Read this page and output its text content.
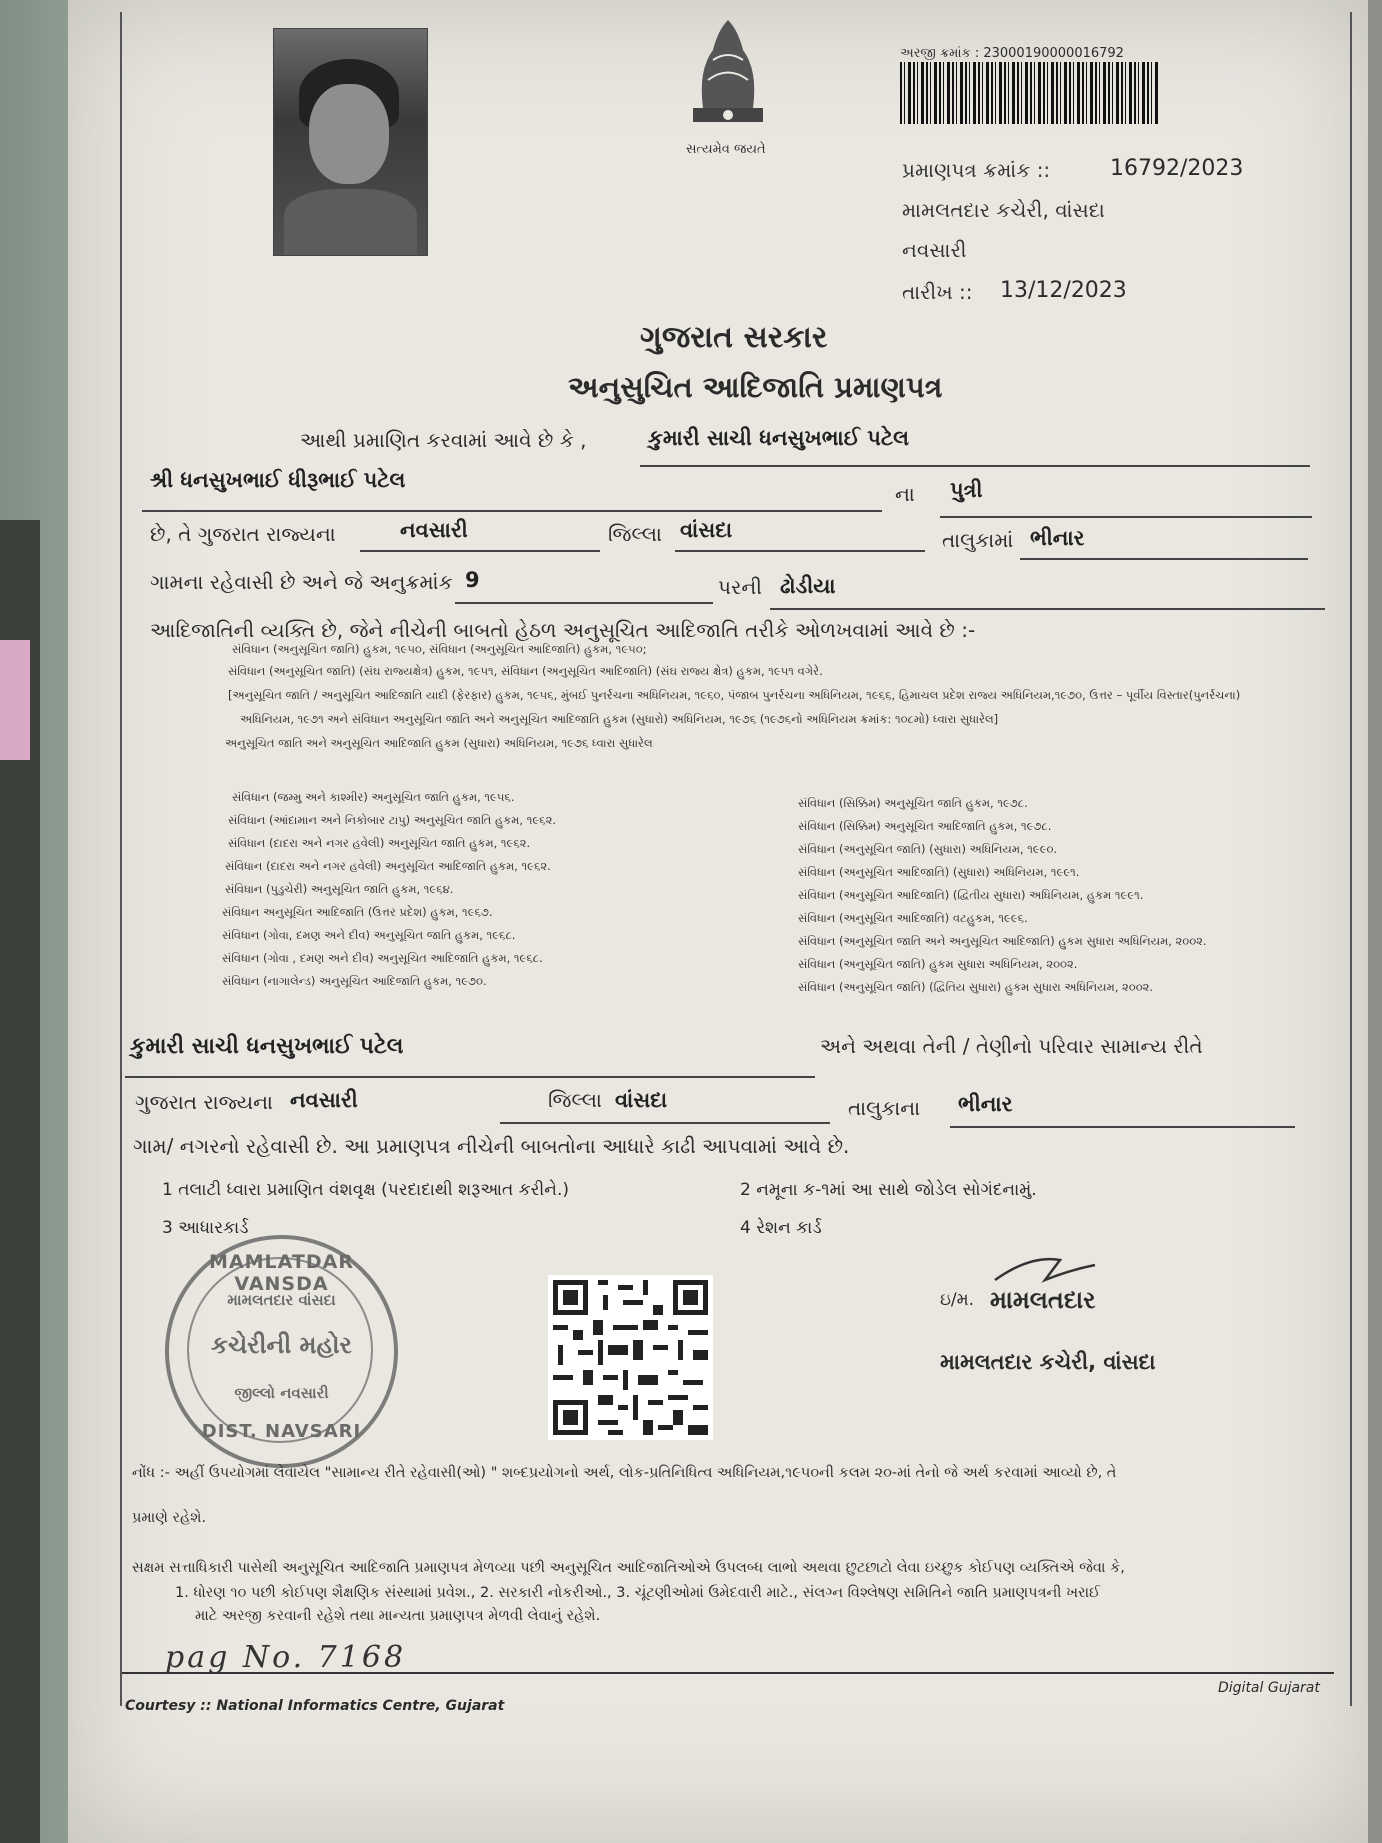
સત્યમેવ જયતે
અરજી ક્રમાંક : 23000190000016792
પ્રમાણપત્ર ક્રમાંક ::	16792/2023
મામલતદાર કચેરી, વાંસદા
નવસારી
તારીખ :: 13/12/2023
ગુજરાત સરકાર
અનુસુચિત આદિજાતિ પ્રમાણપત્ર
આથી પ્રમાણિત કરવામાં આવે છે કે ,	કુમારી સાચી ધનસુખભાઈ પટેલ
શ્રી ધનસુખભાઈ ધીરૂભાઈ પટેલ
ના પુત્રી
છે, તે ગુજરાત રાજ્યના	નવસારી	જિલ્લા વાંસદા	તાલુકામાં ભીનાર
ગામના રહેવાસી છે અને જે અનુક્રમાંક 9	પરની ઢોડીયા
આદિજાતિની વ્યક્તિ છે, જેને નીચેની બાબતો હેઠળ અનુસૂચિત આદિજાતિ તરીકે ઓળખવામાં આવે છે :-
સંવિધાન (અનુસૂચિત જાતિ) હુકમ, ૧૯૫૦, સંવિધાન (અનુસૂચિત આદિજાતિ) હુકમ, ૧૯૫૦;
સંવિધાન (અનુસૂચિત જાતિ) (સંઘ રાજ્યક્ષેત્ર) હુકમ, ૧૯૫૧, સંવિધાન (અનુસૂચિત આદિજાતિ) (સંઘ રાજ્ય ક્ષેત્ર) હુકમ, ૧૯૫૧ વગેરે.
[અનુસૂચિત જાતિ / અનુસૂચિત આદિજાતિ યાદી (ફેરફાર) હુકમ, ૧૯૫૬, મુંબઈ પુનર્રચના અધિનિયમ, ૧૯૬૦, પંજાબ પુનર્રચના અધિનિયમ, ૧૯૬૬, હિમાચલ પ્રદેશ રાજ્ય અધિનિયમ,૧૯૭૦, ઉત્તર – પૂર્વીય વિસ્તાર(પુનર્રચના)
અધિનિયમ, ૧૯૭૧ અને સંવિધાન અનુસૂચિત જાતિ અને અનુસૂચિત આદિજાતિ હુકમ (સુધારો) અધિનિયમ, ૧૯૭૬ (૧૯૭૬નો અધિનિયમ ક્રમાંક: ૧૦૮મો) ધ્વારા સુધારેલ]
અનુસૂચિત જાતિ અને અનુસૂચિત આદિજાતિ હુકમ (સુધારા) અધિનિયમ, ૧૯૭૬ ધ્વારા સુધારેલ
સંવિધાન (જમ્મુ અને કાશ્મીર) અનુસૂચિત જાતિ હુકમ, ૧૯૫૬.
સંવિધાન (આંદામાન અને નિકોબાર ટાપુ) અનુસૂચિત જાતિ હુકમ, ૧૯૬૨.
સંવિધાન (દાદરા અને નગર હવેલી) અનુસૂચિત જાતિ હુકમ, ૧૯૬૨.
સંવિધાન (દાદરા અને નગર હવેલી) અનુસૂચિત આદિજાતિ હુકમ, ૧૯૬૨.
સંવિધાન (પુડુચેરી) અનુસૂચિત જાતિ હુકમ, ૧૯૬૪.
સંવિધાન અનુસૂચિત આદિજાતિ (ઉત્તર પ્રદેશ) હુકમ, ૧૯૬૭.
સંવિધાન (ગોવા, દમણ અને દીવ) અનુસૂચિત જાતિ હુકમ, ૧૯૬૮.
સંવિધાન (ગોવા , દમણ અને દીવ) અનુસૂચિત આદિજાતિ હુકમ, ૧૯૬૮.
સંવિધાન (નાગાલેન્ડ) અનુસૂચિત આદિજાતિ હુકમ, ૧૯૭૦.
સંવિધાન (સિક્કિમ) અનુસૂચિત જાતિ હુકમ, ૧૯૭૮.
સંવિધાન (સિક્કિમ) અનુસૂચિત આદિજાતિ હુકમ, ૧૯૭૮.
સંવિધાન (અનુસૂચિત જાતિ) (સુધારા) અધિનિયમ, ૧૯૯૦.
સંવિધાન (અનુસૂચિત આદિજાતિ) (સુધારા) અધિનિયમ, ૧૯૯૧.
સંવિધાન (અનુસૂચિત આદિજાતિ) (દ્વિતીય સુધારા) અધિનિયમ, હુકમ ૧૯૯૧.
સંવિધાન (અનુસૂચિત આદિજાતિ) વટહુકમ, ૧૯૯૬.
સંવિધાન (અનુસૂચિત જાતિ અને અનુસૂચિત આદિજાતિ) હુકમ સુધારા અધિનિયમ, ૨૦૦૨.
સંવિધાન (અનુસૂચિત જાતિ) હુકમ સુધારા અધિનિયમ, ૨૦૦૨.
સંવિધાન (અનુસૂચિત જાતિ) (દ્વિતિય સુધારા) હુકમ સુધારા અધિનિયમ, ૨૦૦૨.
કુમારી સાચી ધનસુખભાઈ પટેલ	અને અથવા તેની / તેણીનો પરિવાર સામાન્ય રીતે
ગુજરાત રાજ્યના નવસારી	જિલ્લા વાંસદા	તાલુકાના ભીનાર
ગામ/ નગરનો રહેવાસી છે. આ પ્રમાણપત્ર નીચેની બાબતોના આધારે કાઢી આપવામાં આવે છે.
1 તલાટી ધ્વારા પ્રમાણિત વંશવૃક્ષ (પરદાદાથી શરૂઆત કરીને.)	2 નમૂના ક-૧માં આ સાથે જોડેલ સોગંદનામું.
3 આધારકાર્ડ	4 રેશન કાર્ડ
MAMLATDAR VANSDA
મામલતદાર વાંસદા
કચેરીની મહોર
જીલ્લો નવસારી
DIST. NAVSARI
ઇ/મ. મામલતદાર
મામલતદાર કચેરી, વાંસદા
નોંધ :- અહીં ઉપયોગમાં લેવાયેલ "સામાન્ય રીતે રહેવાસી(ઓ) " શબ્દપ્રયોગનો અર્થ, લોક-પ્રતિનિધિત્વ અધિનિયમ,૧૯૫૦ની કલમ ૨૦-માં તેનો જે અર્થ કરવામાં આવ્યો છે, તે
પ્રમાણે રહેશે.
સક્ષમ સત્તાધિકારી પાસેથી અનુસૂચિત આદિજાતિ પ્રમાણપત્ર મેળવ્યા પછી અનુસૂચિત આદિજાતિઓએ ઉપલબ્ધ લાભો અથવા છુટછાટો લેવા ઇચ્છુક કોઈપણ વ્યક્તિએ જેવા કે,
1. ધોરણ ૧૦ પછી કોઈપણ શૈક્ષણિક સંસ્થામાં પ્રવેશ., 2. સરકારી નોકરીઓ., 3. ચૂંટણીઓમાં ઉમેદવારી માટે., સંલગ્ન વિશ્લેષણ સમિતિને જાતિ પ્રમાણપત્રની ખરાઈ
માટે અરજી કરવાની રહેશે તથા માન્યતા પ્રમાણપત્ર મેળવી લેવાનું રહેશે.
pag No. 7168
Courtesy :: National Informatics Centre, Gujarat
Digital Gujarat
